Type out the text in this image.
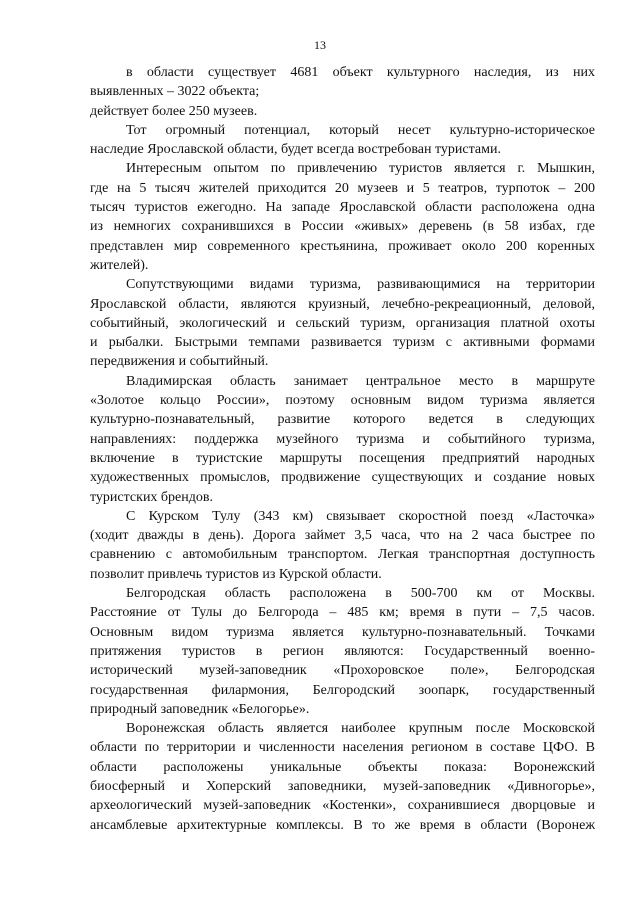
13
в области существует 4681 объект культурного наследия, из них
выявленных – 3022 объекта;
действует более 250 музеев.
Тот огромный потенциал, который несет культурно-историческое
наследие Ярославской области, будет всегда востребован туристами.
Интересным опытом по привлечению туристов является г. Мышкин,
где на 5 тысяч жителей приходится 20 музеев и 5 театров, турпоток – 200
тысяч туристов ежегодно. На западе Ярославской области расположена одна
из немногих сохранившихся в России «живых» деревень (в 58 избах, где
представлен мир современного крестьянина, проживает около 200 коренных
жителей).
Сопутствующими видами туризма, развивающимися на территории
Ярославской области, являются круизный, лечебно-рекреационный, деловой,
событийный, экологический и сельский туризм, организация платной охоты
и рыбалки. Быстрыми темпами развивается туризм с активными формами
передвижения и событийный.
Владимирская область занимает центральное место в маршруте
«Золотое кольцо России», поэтому основным видом туризма является
культурно-познавательный, развитие которого ведется в следующих
направлениях: поддержка музейного туризма и событийного туризма,
включение в туристские маршруты посещения предприятий народных
художественных промыслов, продвижение существующих и создание новых
туристских брендов.
С Курском Тулу (343 км) связывает скоростной поезд «Ласточка»
(ходит дважды в день). Дорога займет 3,5 часа, что на 2 часа быстрее по
сравнению с автомобильным транспортом. Легкая транспортная доступность
позволит привлечь туристов из Курской области.
Белгородская область расположена в 500-700 км от Москвы.
Расстояние от Тулы до Белгорода – 485 км; время в пути – 7,5 часов.
Основным видом туризма является культурно-познавательный. Точками
притяжения туристов в регион являются: Государственный военно-
исторический музей-заповедник «Прохоровское поле», Белгородская
государственная филармония, Белгородский зоопарк, государственный
природный заповедник «Белогорье».
Воронежская область является наиболее крупным после Московской
области по территории и численности населения регионом в составе ЦФО. В
области расположены уникальные объекты показа: Воронежский
биосферный и Хоперский заповедники, музей-заповедник «Дивногорье»,
археологический музей-заповедник «Костенки», сохранившиеся дворцовые и
ансамблевые архитектурные комплексы. В то же время в области (Воронеж
